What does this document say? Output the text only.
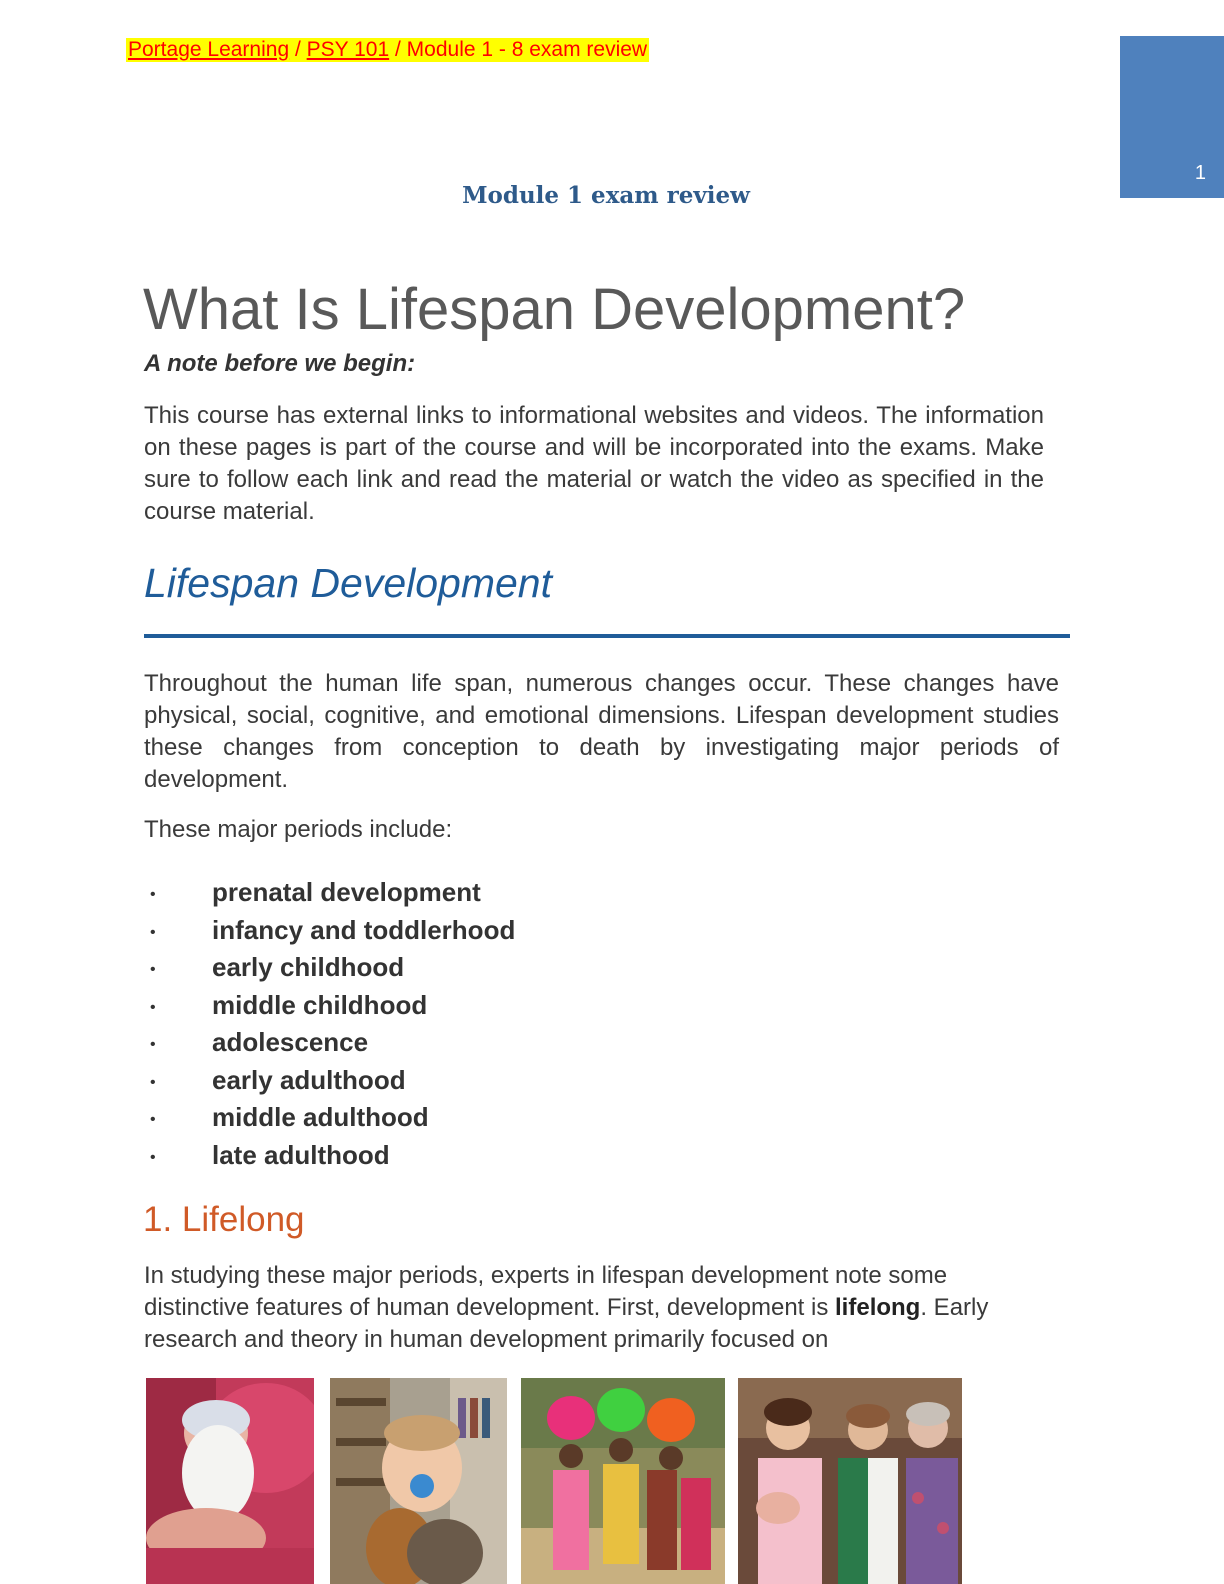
Portage Learning / PSY 101 / Module 1 - 8 exam review
1
Module 1 exam review
What Is Lifespan Development?
A note before we begin:

This course has external links to informational websites and videos. The information on these pages is part of the course and will be incorporated into the exams. Make sure to follow each link and read the material or watch the video as specified in the course material.

Lifespan Development

Throughout the human life span, numerous changes occur. These changes have physical, social, cognitive, and emotional dimensions. Lifespan development studies these changes from conception to death by investigating major periods of development.

These major periods include:

• prenatal development
• infancy and toddlerhood
• early childhood
• middle childhood
• adolescence
• early adulthood
• middle adulthood
• late adulthood
1. Lifelong

In studying these major periods, experts in lifespan development note some distinctive features of human development. First, development is lifelong. Early research and theory in human development primarily focused on
